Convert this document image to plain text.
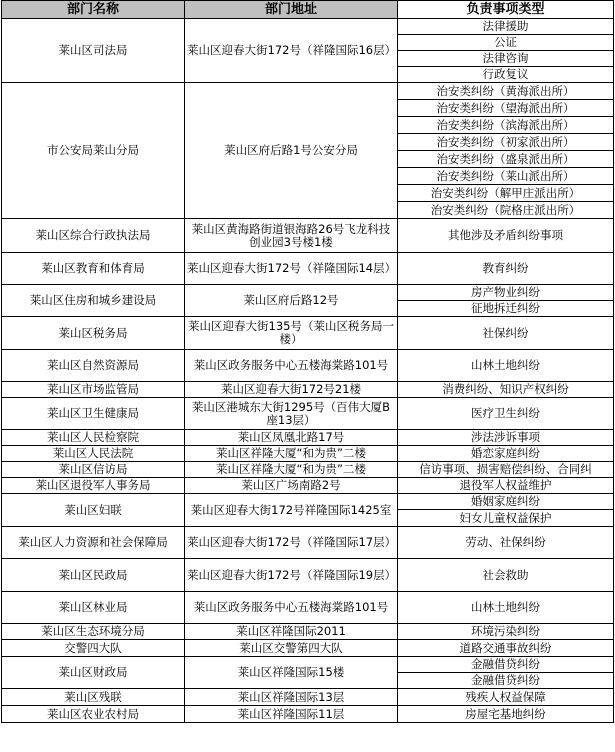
部门名称	部门地址	负责事项类型
莱山区司法局	莱山区迎春大街172号（祥隆国际16层）	法律援助
		公证
		法律咨询
		行政复议
市公安局莱山分局	莱山区府后路1号公安分局	治安类纠纷（黄海派出所）
		治安类纠纷（望海派出所）
		治安类纠纷（滨海派出所）
		治安类纠纷（初家派出所）
		治安类纠纷（盛泉派出所）
		治安类纠纷（莱山派出所）
		治安类纠纷（解甲庄派出所）
		治安类纠纷（院格庄派出所）
莱山区综合行政执法局	莱山区黄海路街道银海路26号飞龙科技创业园3号楼1楼	其他涉及矛盾纠纷事项
莱山区教育和体育局	莱山区迎春大街172号（祥隆国际14层）	教育纠纷
莱山区住房和城乡建设局	莱山区府后路12号	房产物业纠纷
		征地拆迁纠纷
莱山区税务局	莱山区迎春大街135号（莱山区税务局一楼）	社保纠纷
莱山区自然资源局	莱山区政务服务中心五楼海棠路101号	山林土地纠纷
莱山区市场监管局	莱山区迎春大街172号21楼	消费纠纷、知识产权纠纷
莱山区卫生健康局	莱山区港城东大街1295号（百伟大厦B座13层）	医疗卫生纠纷
莱山区人民检察院	莱山区凤凰北路17号	涉法涉诉事项
莱山区人民法院	莱山区祥隆大厦“和为贵”二楼	婚恋家庭纠纷
莱山区信访局	莱山区祥隆大厦“和为贵”二楼	信访事项、损害赔偿纠纷、合同纠
莱山区退役军人事务局	莱山区广场南路2号	退役军人权益维护
莱山区妇联	莱山区迎春大街172号祥隆国际1425室	婚姻家庭纠纷
		妇女儿童权益保护
莱山区人力资源和社会保障局	莱山区迎春大街172号（祥隆国际17层）	劳动、社保纠纷
莱山区民政局	莱山区迎春大街172号（祥隆国际19层）	社会救助
莱山区林业局	莱山区政务服务中心五楼海棠路101号	山林土地纠纷
莱山区生态环境分局	莱山区祥隆国际2011	环境污染纠纷
交警四大队	莱山区交警第四大队	道路交通事故纠纷
莱山区财政局	莱山区祥隆国际15楼	金融借贷纠纷
		金融借贷纠纷
莱山区残联	莱山区祥隆国际13层	残疾人权益保障
莱山区农业农村局	莱山区祥隆国际11层	房屋宅基地纠纷
